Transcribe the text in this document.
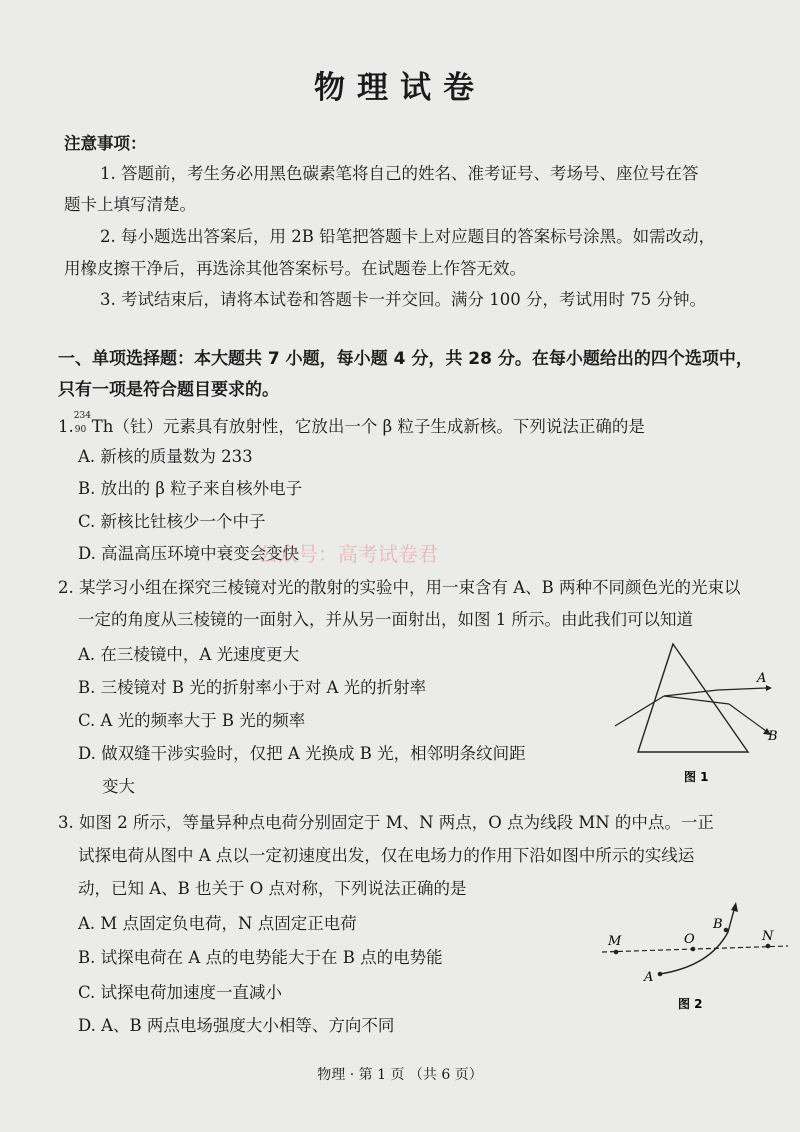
物理试卷
注意事项：
1. 答题前，考生务必用黑色碳素笔将自己的姓名、准考证号、考场号、座位号在答
题卡上填写清楚。
2. 每小题选出答案后，用 2B 铅笔把答题卡上对应题目的答案标号涂黑。如需改动，
用橡皮擦干净后，再选涂其他答案标号。在试题卷上作答无效。
3. 考试结束后，请将本试卷和答题卡一并交回。满分 100 分，考试用时 75 分钟。
一、单项选择题：本大题共 7 小题，每小题 4 分，共 28 分。在每小题给出的四个选项中，
只有一项是符合题目要求的。
1.
234
90 Th（钍）元素具有放射性，它放出一个 β 粒子生成新核。下列说法正确的是
A. 新核的质量数为 233
B. 放出的 β 粒子来自核外电子
C. 新核比钍核少一个中子
D. 高温高压环境中衰变会变快
公众号：高考试卷君
2. 某学习小组在探究三棱镜对光的散射的实验中，用一束含有 A、B 两种不同颜色光的光束以
一定的角度从三棱镜的一面射入，并从另一面射出，如图 1 所示。由此我们可以知道
A. 在三棱镜中，A 光速度更大
B. 三棱镜对 B 光的折射率小于对 A 光的折射率
C. A 光的频率大于 B 光的频率
D. 做双缝干涉实验时，仅把 A 光换成 B 光，相邻明条纹间距
变大
A
B
图 1
3. 如图 2 所示，等量异种点电荷分别固定于 M、N 两点，O 点为线段 MN 的中点。一正
试探电荷从图中 A 点以一定初速度出发，仅在电场力的作用下沿如图中所示的实线运
动，已知 A、B 也关于 O 点对称，下列说法正确的是
A. M 点固定负电荷，N 点固定正电荷
B. 试探电荷在 A 点的电势能大于在 B 点的电势能
C. 试探电荷加速度一直减小
D. A、B 两点电场强度大小相等、方向不同
M	O	N
A
B
图 2
物理 · 第 1 页 （共 6 页）
